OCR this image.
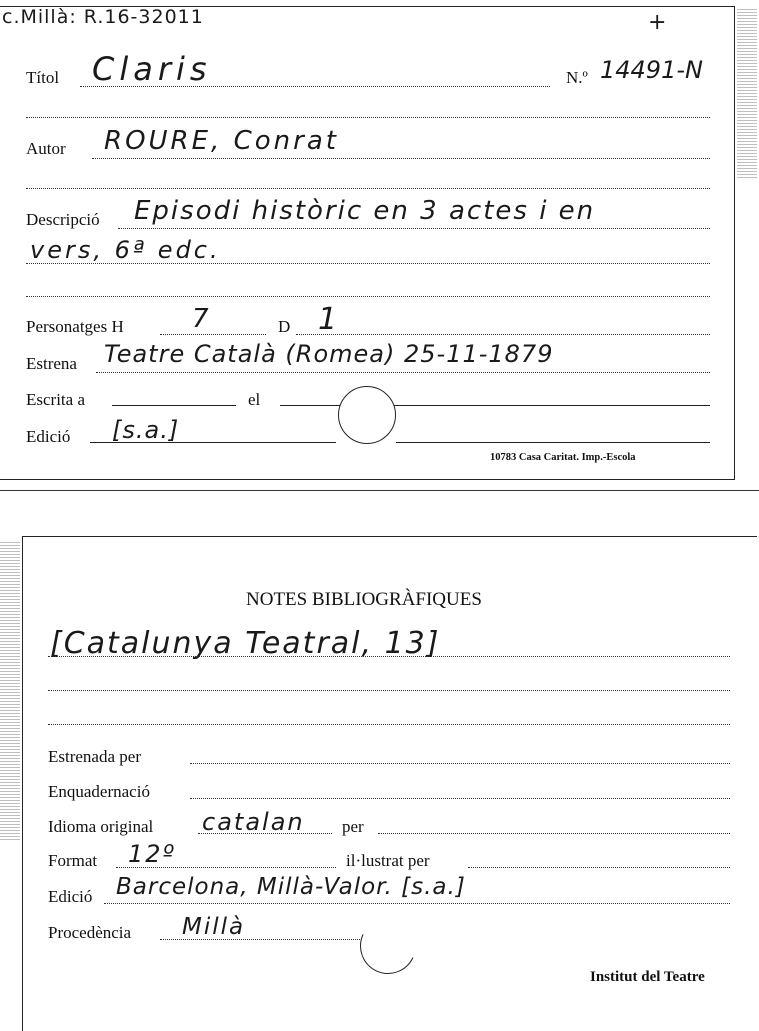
c.Millà: R.16-32011	+
Títol Claris	N.º 14491-N
Autor ROURE, Conrat
Descripció Episodi històric en 3 actes i en
vers, 6ª edc.
Personatges H	7	D 1
Estrena Teatre Català (Romea) 25-11-1879
Escrita a	el
Edició [s.a.]
10783 Casa Caritat. Imp.-Escola
NOTES BIBLIOGRÀFIQUES
[Catalunya Teatral, 13]
Estrenada per
Enquadernació
Idioma original catalan per
Format 12º	il·lustrat per
Edició Barcelona, Millà-Valor. [s.a.]
Procedència Millà
Institut del Teatre
